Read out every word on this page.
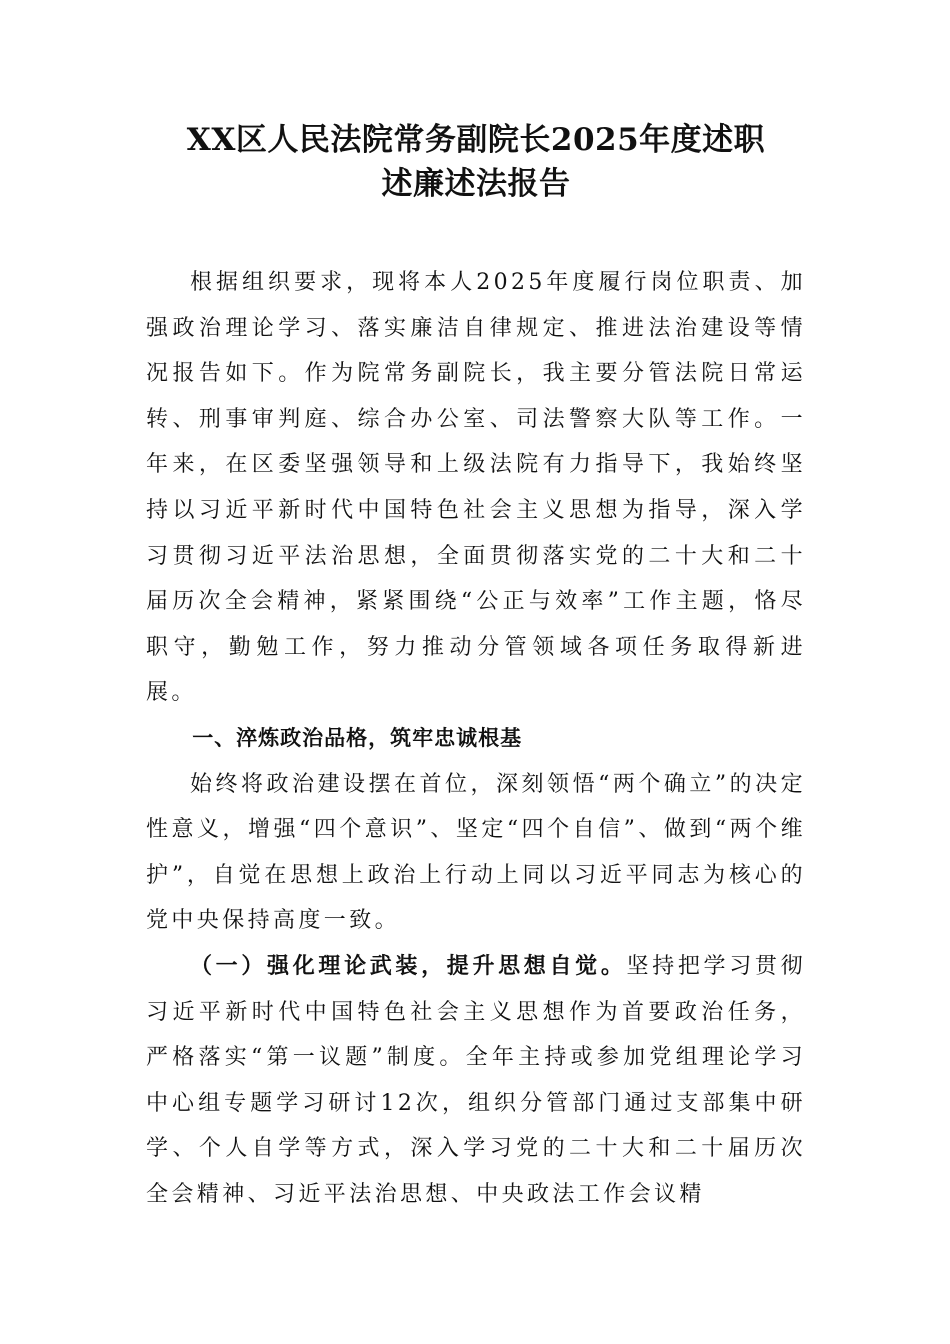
XX区人民法院常务副院长2025年度述职
述廉述法报告

根据组织要求，现将本人2025年度履行岗位职责、加强政治理论学习、落实廉洁自律规定、推进法治建设等情况报告如下。作为院常务副院长，我主要分管法院日常运转、刑事审判庭、综合办公室、司法警察大队等工作。一年来，在区委坚强领导和上级法院有力指导下，我始终坚持以习近平新时代中国特色社会主义思想为指导，深入学习贯彻习近平法治思想，全面贯彻落实党的二十大和二十届历次全会精神，紧紧围绕“公正与效率”工作主题，恪尽职守，勤勉工作，努力推动分管领域各项任务取得新进展。

一、淬炼政治品格，筑牢忠诚根基

始终将政治建设摆在首位，深刻领悟“两个确立”的决定性意义，增强“四个意识”、坚定“四个自信”、做到“两个维护”，自觉在思想上政治上行动上同以习近平同志为核心的党中央保持高度一致。

（一）强化理论武装，提升思想自觉。坚持把学习贯彻习近平新时代中国特色社会主义思想作为首要政治任务，严格落实“第一议题”制度。全年主持或参加党组理论学习中心组专题学习研讨12次，组织分管部门通过支部集中研学、个人自学等方式，深入学习党的二十大和二十届历次全会精神、习近平法治思想、中央政法工作会议精
